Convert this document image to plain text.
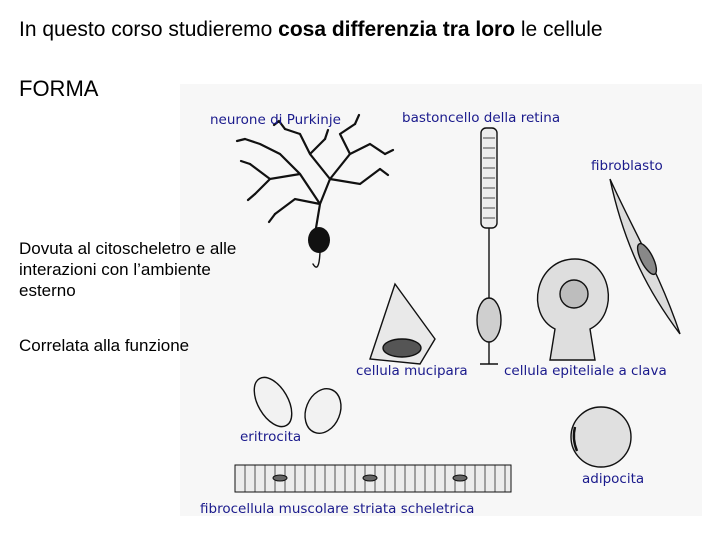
In questo corso studieremo cosa differenzia tra loro le cellule
FORMA
neurone di Purkinje	bastoncello della retina
fibroblasto
cellula mucipara	cellula epiteliale a clava
eritrocita
adipocita
fibrocellula muscolare striata scheletrica
Dovuta al citoscheletro e alle interazioni con l’ambiente esterno
Correlata alla funzione
